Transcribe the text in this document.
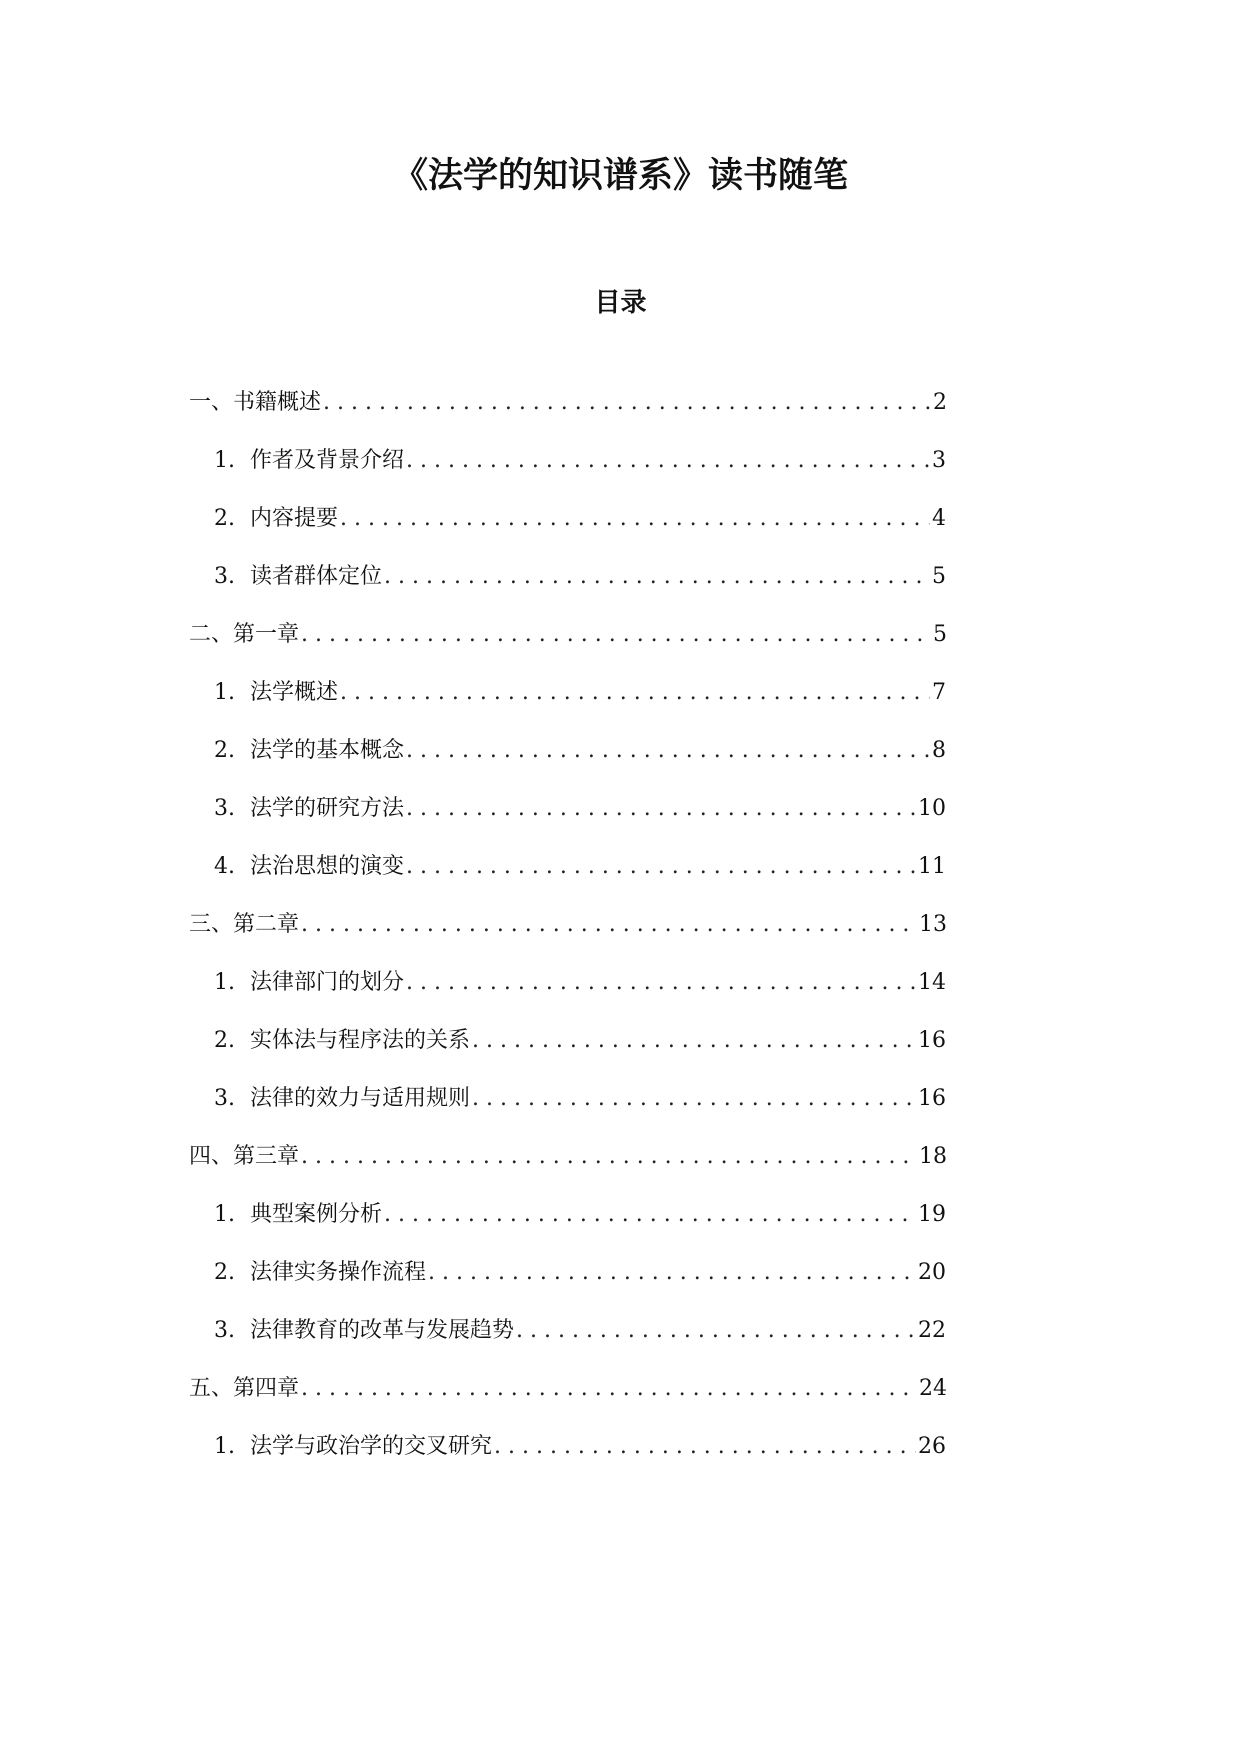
《法学的知识谱系》读书随笔
目录
一、书籍概述 . . .	2
1. 作者及背景介绍 . . .	3
2. 内容提要 . . .	4
3. 读者群体定位 . . .	5
二、第一章 . . .	5
1. 法学概述 . . .	7
2. 法学的基本概念 . . .	8
3. 法学的研究方法 . . .	10
4. 法治思想的演变 . . .	11
三、第二章 . . .	13
1. 法律部门的划分 . . .	14
2. 实体法与程序法的关系 . . .	16
3. 法律的效力与适用规则 . . .	16
四、第三章 . . .	18
1. 典型案例分析 . . .	19
2. 法律实务操作流程 . . .	20
3. 法律教育的改革与发展趋势 . . .	22
五、第四章 . . .	24
1. 法学与政治学的交叉研究 . . .	26
